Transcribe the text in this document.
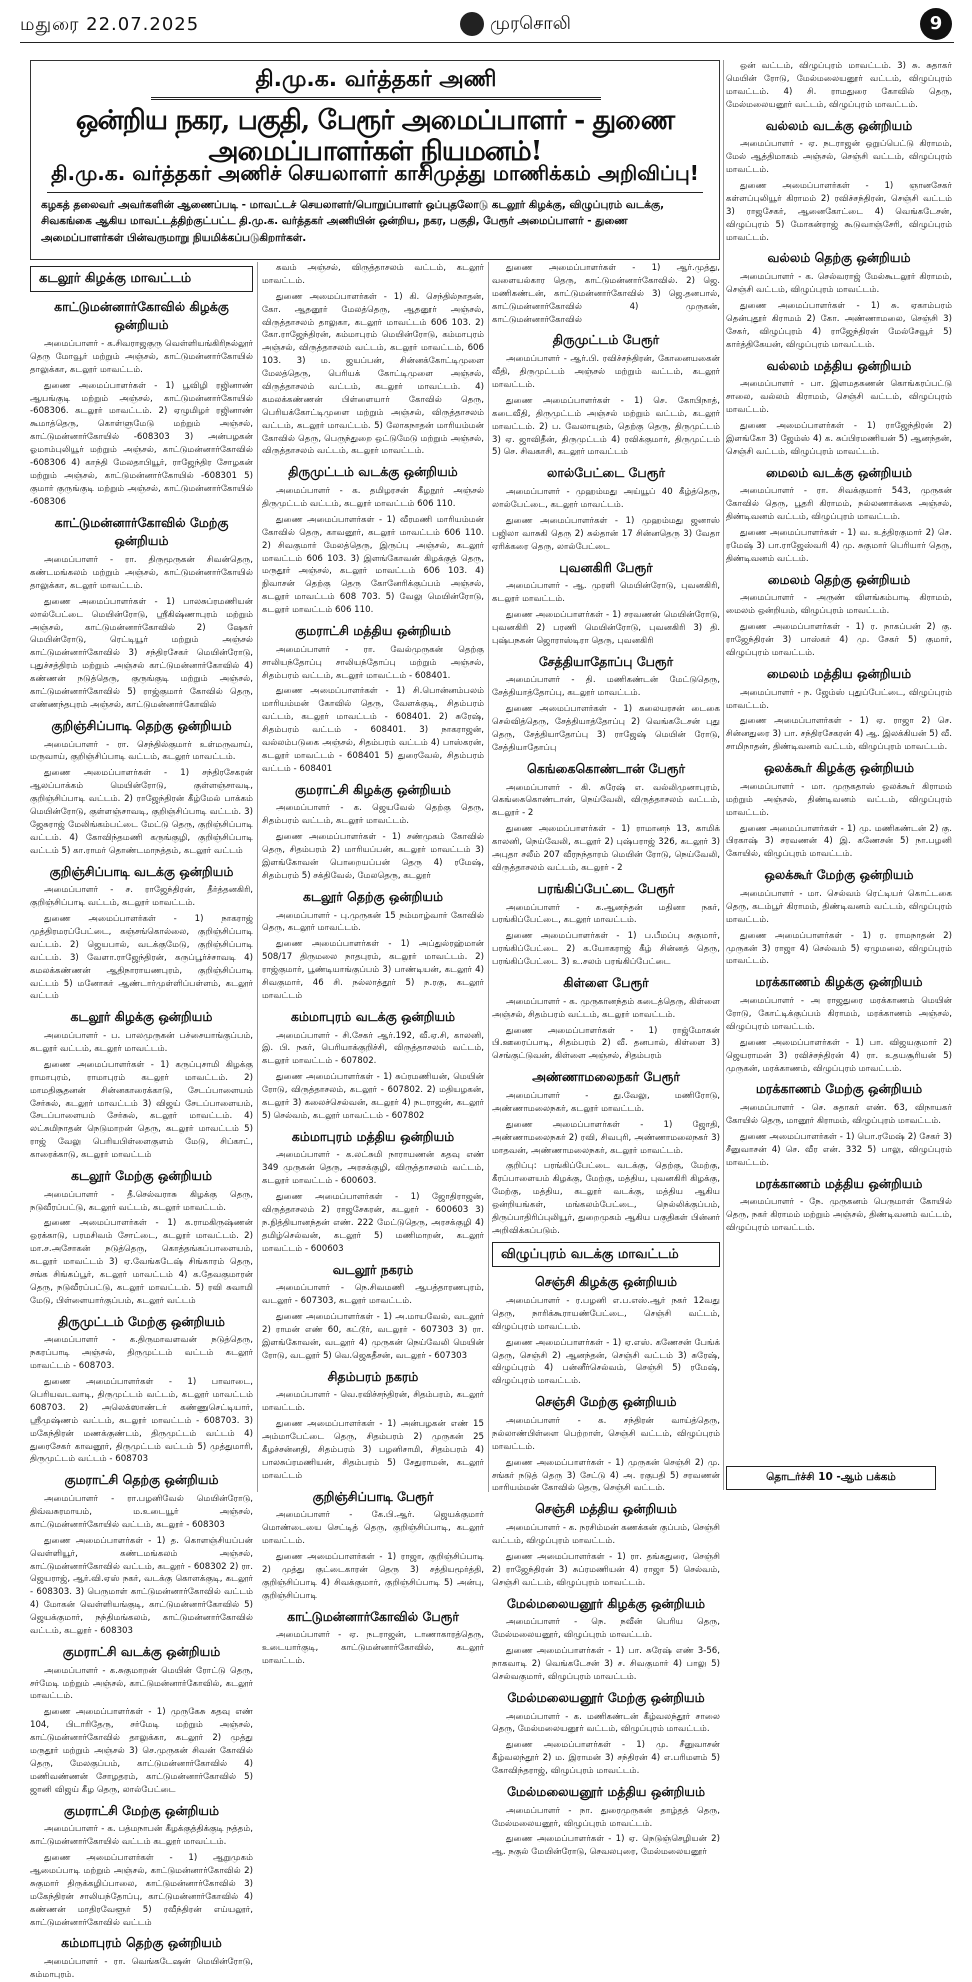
மதுரை 22.07.2025	முரசொலி	9
தி.மு.க. வர்த்தகர் அணி
ஒன்றிய நகர, பகுதி, பேரூர் அமைப்பாளர் - துணை அமைப்பாளர்கள் நியமனம்!
தி.மு.க. வர்த்தகர் அணிச் செயலாளர் காசிமுத்து மாணிக்கம் அறிவிப்பு!
கழகத் தலைவர் அவர்களின் ஆணைப்படி - மாவட்டச் செயலாளர்/பொறுப்பாளர் ஒப்புதலோடு கடலூர் கிழக்கு, விழுப்புரம் வடக்கு, சிவகங்கை ஆகிய மாவட்டத்திற்குட்பட்ட தி.மு.க. வர்த்தகர் அணியின் ஒன்றிய, நகர, பகுதி, பேரூர் அமைப்பாளர் - துணை அமைப்பாளர்கள் பின்வருமாறு நியமிக்கப்படுகிறார்கள்.
கடலூர் கிழக்கு மாவட்டம்
காட்டுமன்னார்கோவில் கிழக்கு ஒன்றியம்

அமைப்பாளர் - க.சிவராஜகுரு வெள்ளியங்கிரிநல்லூர் தெரு மோவூர் மற்றும் அஞ்சல், காட்டுமன்னார்கோயில் தாலுக்கா, கடலூர் மாவட்டம்.

துணை அமைப்பாளர்கள் - 1) பூவிழி ரஜினாண் ஆயங்குடி மற்றும் அஞ்சல், காட்டுமன்னார்கோயில் -608306. கடலூர் மாவட்டம். 2) ஏழுமிழர் ரஜினாண் கூமாத்தெரு, கொள்ளுமேடு மற்றும் அஞ்சல், காட்டுமன்னார்கோயில் -608303 3) அன்பழகன் ஓமாம்புலியூர் மற்றும் அஞ்சல், காட்டுமன்னார்கோவில் -608306 4) காந்தி மேலதாபியூர், ராஜேந்திர சோழகன் மற்றும் அஞ்சல், காட்டுமன்னார்கோயில் -608301 5) குமார் குருங்குடி மற்றும் அஞ்சல், காட்டுமன்னார்கோயில் -608306

காட்டுமன்னார்கோவில் மேற்கு ஒன்றியம்

அமைப்பாளர் - ரா. திருமூருகன் சிவன்தெரு, கண்டமங்கலம் மற்றும் அஞ்சல், காட்டுமன்னார்கோயில் தாலுக்கா, கடலூர் மாவட்டம்.

துணை அமைப்பாளர்கள் - 1) பாலசுப்ரமணியன் லால்பேட்டை மெயின்ரோடு, ஸ்ரீகிஷ்ணாபுரம் மற்றும் அஞ்சல், காட்டுமன்னார்கோவில் 2) ஷேகர் மெயின்ரோடு, ரெட்டியூர் மற்றும் அஞ்சல் காட்டுமன்னார்கோவில் 3) சந்திரசேகர் மெயின்ரோடு, புதுச்சத்திரம் மற்றும் அஞ்சல் காட்டுமன்னார்கோவில் 4) கண்ணன் நடுத்தெரு, குருங்குடி மற்றும் அஞ்சல், காட்டுமன்னார்கோவில் 5) ராஜ்குமார் கோவில் தெரு, எண்ணந்தபுரம் அஞ்சல், காட்டுமன்னார்கோவில்

குறிஞ்சிப்பாடி தெற்கு ஒன்றியம்

அமைப்பாளர் - ரா. செந்தில்குமார் உள்மருவாய், மருவாய், குறிஞ்சிப்பாடி வட்டம், கடலூர் மாவட்டம்.

துணை அமைப்பாளர்கள் - 1) சந்திரசேகரன் ஆலப்பாக்கம் மெயின்ரோடு, குள்ளஞ்சாவடி, குறிஞ்சிப்பாடி வட்டம். 2) ராஜேந்திரன் கீழ்மேல் பாக்கம் மெயின்ரோடு, குள்ளஞ்சாவடி, குறிஞ்சிப்பாடி வட்டம். 3) ஜேசுராஜ் மேலிங்கம்பட்டை மேட்டு தெரு, குறிஞ்சிப்பாடி வட்டம். 4) கோவிந்தமணி கருங்குழி, குறிஞ்சிப்பாடி வட்டம் 5) கா.ராமர் தொண்டமாநத்தம், கடலூர் வட்டம்

குறிஞ்சிப்பாடி வடக்கு ஒன்றியம்

அமைப்பாளர் - ச. ராஜேந்திரன், தீர்த்தனகிரி, குறிஞ்சிப்பாடி வட்டம், கடலூர் மாவட்டம்.

துணை அமைப்பாளர்கள் - 1) நாகராஜ் முத்திரமரப்பேட்டை, கஞ்சங்கொல்லை, குறிஞ்சிப்பாடி வட்டம். 2) ஜெயபால், வடக்குமேடு, குறிஞ்சிப்பாடி வட்டம். 3) வேளா.ராஜேந்திரன், கருப்பூர்ச்சாவடி 4) கமலக்கண்ணன் ஆதிநாராயணபுரம், குறிஞ்சிப்பாடி வட்டம் 5) மனோகர் ஆண்டார்முள்ளிப்பள்ளம், கடலூர் வட்டம்

கடலூர் கிழக்கு ஒன்றியம்

அமைப்பாளர் - ப. பாலமுருகன் பச்சையாங்குப்பம், கடலூர் வட்டம், கடலூர் மாவட்டம்.

துணை அமைப்பாளர்கள் - 1) கருப்புசாமி கிழக்கு ராமாபுரம், ராமாபுரம் கடலூர் மாவட்டம். 2) மாமதிசூதனன் சின்னகாரைக்காடு, சேடப்பாளையம் சேர்சுல், கடலூர் மாவட்டம் 3) விஜய் சேடப்பாளையம், சேடப்பாளையம் சேர்சுல், கடலூர் மாவட்டம். 4) லட்சுமிநாதன் நெடுமாறன் தெரு, கடலூர் மாவட்டம் 5) ராஜ் வேலு பெரியபிள்ளைகுளம் மேடு, சிப்காட், காரைக்காடு, கடலூர் மாவட்டம்

கடலூர் மேற்கு ஒன்றியம்

அமைப்பாளர் - தீ.செல்வராசு கிழக்கு தெரு, நடுவீரப்பட்டு, கடலூர் வட்டம், கடலூர் மாவட்டம்.

துணை அமைப்பாளர்கள் - 1) க.ராமகிருஷ்ணன் ஒரக்காடு, பரமசிவம் சோட்டை, கடலூர் மாவட்டம். 2) மா.ச.அசோகன் நடுத்தெரு, கொத்தங்கப்பாளையம், கடலூர் மாவட்டம் 3) ஏ.வேங்கடேஷ் சிங்காரம் தெரு, சங்க சிங்கப்பூர், கடலூர் மாவட்டம் 4) க.தேவகுமாரன் தெரு, நடுவீரப்பட்டு, கடலூர் மாவட்டம். 5) ரவி சுவாமி மேடு, பிள்ளையார்குப்பம், கடலூர் வட்டம்

திருமுட்டம் மேற்கு ஒன்றியம்

அமைப்பாளர் - க.திருமாவளவன் நடுத்தெரு, நகரப்பாடி அஞ்சல், திருமுட்டம் வட்டம் கடலூர் மாவட்டம் - 608703.

துணை அமைப்பாளர்கள் - 1) பாவாடை, பெரியவடவாடி, திருமுட்டம் வட்டம், கடலூர் மாவட்டம் 608703. 2) அலெக்ஸாண்டர் கண்ணுசெட்டியார், ஸ்ரீமுஷ்ணம் வட்டம், கடலூர் மாவட்டம் - 608703. 3) மகேந்திரன் மணக்குண்டம், திருமுட்டம் வட்டம் 4) துரைசேகர் காவனூர், திருமுட்டம் வட்டம் 5) முத்துமாரி, திருமுட்டம் வட்டம் - 608703

குமராட்சி தெற்கு ஒன்றியம்

அமைப்பாளர் - ரா.பழனிவேல் மெயின்ரோடு, திவ்வசுரமாயம், ம.உடையூர் அஞ்சல், காட்டுமன்னார்கோயில் வட்டம், கடலூர் - 608303

துணை அமைப்பாளர்கள் - 1) த. கொளஞ்சியப்பன் வெள்ளியூர், கண்டமங்கலம் அஞ்சல், காட்டுமன்னார்கோவில் வட்டம், கடலூர் - 608302 2) ரா. ஜெயராஜ், ஆர்.வி.ஏஸ் நகர், வடக்கு கொளக்குடி, கடலூர் - 608303. 3) பெருமாள் காட்டுமன்னார்கோவில் வட்டம் 4) மோகன் வெள்ளியங்குடி, காட்டுமன்னார்கோவில் 5) ஜெயக்குமார், நந்திமங்கலம், காட்டுமன்னார்கோவில் வட்டம், கடலூர் - 608303

குமராட்சி வடக்கு ஒன்றியம்

அமைப்பாளர் - க.சுகுமாறன் மெயின் ரோட்டு தெரு, சர்மேடி மற்றும் அஞ்சல், காட்டுமன்னார்கோவில், கடலூர் மாவட்டம்.

துணை அமைப்பாளர்கள் - 1) முருகேசு கதவு எண் 104, பிடாரிதேரு, சர்மேடி மற்றும் அஞ்சல், காட்டுமன்னார்கோவில் தாலுக்கா, கடலூர் 2) முத்து மருதூர் மற்றும் அஞ்சல் 3) செ.முருகன் சிவன் கோவில் தெரு, மேலகுப்பம், காட்டுமன்னார்கோவில் 4) மணிவண்ணன் சோழதரம், காட்டுமன்னார்கோவில் 5) ஜானி விஜய் கீழ தெரு, லால்பேட்டை

குமராட்சி மேற்கு ஒன்றியம்

அமைப்பாளர் - க. பத்மநாபன் கீழக்குத்திக்குடி நத்தம், காட்டுமன்னார்கோயில் வட்டம் கடலூர் மாவட்டம்.

துணை அமைப்பாளர்கள் - 1) ஆறுமுகம் ஆமைப்பாடி மற்றும் அஞ்சல், காட்டுமன்னார்கோவில் 2) சுகுமார் திருக்கழிப்பாலை, காட்டுமன்னார்கோவில் 3) மகேந்திரன் சாலியந்தோப்பு, காட்டுமன்னார்கோவில் 4) கண்ணன் மாதிரவேளூர் 5) ரவீந்திரன் எய்யலூர், காட்டுமன்னார்கோவில் வட்டம்

கம்மாபுரம் தெற்கு ஒன்றியம்

அமைப்பாளர் - ரா. வெங்கடேஷன் மெயின்ரோடு, கம்மாபுரம்.

கவம் அஞ்சல், விருத்தாசலம் வட்டம், கடலூர் மாவட்டம்.

துணை அமைப்பாளர்கள் - 1) கி. செந்தில்நாதன், கோ. ஆதனூர் மேலத்தெரு, ஆதனூர் அஞ்சல், விருத்தாசலம் தாலுகா, கடலூர் மாவட்டம் 606 103. 2) கோ.ராஜேந்திரன், கம்மாபுரம் மெயின்ரோடு, கம்மாபுரம் அஞ்சல், விருத்தாசலம் வட்டம், கடலூர் மாவட்டம், 606 103. 3) ம. ஜயப்பன், சின்னக்கோட்டிமுளை மேலத்தெரு, பெரியக் கோட்டிமுளை அஞ்சல், விருத்தாசலம் வட்டம், கடலூர் மாவட்டம். 4) கமலக்கண்ணன் பிள்ளையார் கோவில் தெரு, பெரியக்கோட்டிமுளை மற்றும் அஞ்சல், விருத்தாசலம் வட்டம், கடலூர் மாவட்டம். 5) லோகநாதன் மாரியம்மன் கோவில் தெரு, பெருந்துறை ஒட்டுமேடு மற்றும் அஞ்சல், விருத்தாசலம் வட்டம், கடலூர் மாவட்டம்.

திருமுட்டம் வடக்கு ஒன்றியம்

அமைப்பாளர் - க. தமிழரசன் கீழநூர் அஞ்சல் திருமுட்டம் வட்டம், கடலூர் மாவட்டம் 606 110.

துணை அமைப்பாளர்கள் - 1) வீரமணி மாரியம்மன் கோவில் தெரு, காவனூர், கடலூர் மாவட்டம் 606 110. 2) சிவகுமார் மேலத்தெரு, இருப்பு அஞ்சல், கடலூர் மாவட்டம் 606 103. 3) இளங்கோவன் கிழக்குத் தெரு, மருதூர் அஞ்சல், கடலூர் மாவட்டம் 606 103. 4) நிவாசன் தெற்கு தெரு கோனேரிக்குப்பம் அஞ்சல், கடலூர் மாவட்டம் 608 703. 5) வேலு மெயின்ரோடு, கடலூர் மாவட்டம் 606 110.

குமராட்சி மத்திய ஒன்றியம்

அமைப்பாளர் - ரா. வேல்முருகன் தெற்கு சாலியந்தோப்பு சாலியந்தோப்பு மற்றும் அஞ்சல், சிதம்பரம் வட்டம், கடலூர் மாவட்டம் - 608401.

துணை அமைப்பாளர்கள் - 1) சி.பொன்னம்பலம் மாரியம்மன் கோவில் தெரு, வேளக்குடி, சிதம்பரம் வட்டம், கடலூர் மாவட்டம் - 608401. 2) சுரேஷ், சிதம்பரம் வட்டம் - 608401. 3) நாகராஜன், வல்லம்படுகை அஞ்சல், சிதம்பரம் வட்டம் 4) பாஸ்கரன், கடலூர் மாவட்டம் - 608401 5) துரைவேல், சிதம்பரம் வட்டம் - 608401

குமராட்சி கிழக்கு ஒன்றியம்

அமைப்பாளர் - க. ஜெயவேல் தெற்கு தெரு, சிதம்பரம் வட்டம், கடலூர் மாவட்டம்.

துணை அமைப்பாளர்கள் - 1) சண்முகம் கோவில் தெரு, சிதம்பரம் 2) மாரியப்பன், கடலூர் மாவட்டம் 3) இளங்கோவன் பொறையப்பன் தெரு 4) ரமேஷ், சிதம்பரம் 5) சக்திவேல், மேலதெரு, கடலூர்

கடலூர் தெற்கு ஒன்றியம்

அமைப்பாளர் - பு.முருகன் 15 நம்மாழ்வார் கோவில் தெரு, கடலூர் மாவட்டம்.

துணை அமைப்பாளர்கள் - 1) அப்துல்ரஹ்மான் 508/17 திருமலை நாதபுரம், கடலூர் மாவட்டம். 2) ராஜ்குமார், பூண்டியாங்குப்பம் 3) பாண்டியன், கடலூர் 4) சிவகுமார், 46 சி. நல்லாத்தூர் 5) ந.ரகு, கடலூர் மாவட்டம்

கம்மாபுரம் வடக்கு ஒன்றியம்

அமைப்பாளர் - சி.சேகர் ஆர்.192, வீ.ஏ.சி, காலனி, இ. பி. நகர், பெரியாக்குறிச்சி, விருத்தாசலம் வட்டம், கடலூர் மாவட்டம் - 607802.

துணை அமைப்பாளர்கள் - 1) சுப்ரமணியன், மெயின் ரோடு, விருத்தாசலம், கடலூர் - 607802. 2) மதியழகன், கடலூர் 3) கலைச்செல்வன், கடலூர் 4) நடராஜன், கடலூர் 5) செல்வம், கடலூர் மாவட்டம் - 607802

கம்மாபுரம் மத்திய ஒன்றியம்

அமைப்பாளர் - க.லட்சுமி நாராயணன் கதவு எண் 349 முருகன் தெரு, அரசக்குழி, விருத்தாசலம் வட்டம், கடலூர் மாவட்டம் - 600603.

துணை அமைப்பாளர்கள் - 1) ஜோதிராஜன், விருத்தாசலம் 2) ராஜசேகரன், கடலூர் - 600603 3) ந.நித்தியானந்தன் எண். 222 மேட்டுதெரு, அரசக்குழி 4) தமிழ்செல்வன், கடலூர் 5) மணிமாறன், கடலூர் மாவட்டம் - 600603

வடலூர் நகரம்

அமைப்பாளர் - நெ.சிவமணி ஆபத்தாரணபுரம், வடலூர் - 607303, கடலூர் மாவட்டம்.

துணை அமைப்பாளர்கள் - 1) அ.மாயவேல், வடலூர் 2) ராமன் எண் 60, கட்டூர், வடலூர் - 607303 3) ரா. இளங்கோவன், வடலூர் 4) முருகன் நெய்வேலி மெயின் ரோடு, வடலூர் 5) வெ.ஜெகதீசன், வடலூர் - 607303

சிதம்பரம் நகரம்

அமைப்பாளர் - வெ.ரவிச்சந்திரன், சிதம்பரம், கடலூர் மாவட்டம்.

துணை அமைப்பாளர்கள் - 1) அன்பழகன் எண் 15 அம்மாபேட்டை தெரு, சிதம்பரம் 2) முருகன் 25 கீழச்சன்னதி, சிதம்பரம் 3) பழனிசாமி, சிதம்பரம் 4) பாலசுப்ரமணியன், சிதம்பரம் 5) சேதுராமன், கடலூர் மாவட்டம்

குறிஞ்சிப்பாடி பேரூர்

அமைப்பாளர் - கே.பி.ஆர். ஜெயக்குமார் மொண்டையை செட்டித் தெரு, குறிஞ்சிப்பாடி, கடலூர் மாவட்டம்.

துணை அமைப்பாளர்கள் - 1) ராஜா, குறிஞ்சிப்பாடி 2) முத்து குட்டைகாரன் தெரு 3) சத்தியமூர்த்தி, குறிஞ்சிப்பாடி 4) சிவக்குமார், குறிஞ்சிப்பாடி 5) அன்பு, குறிஞ்சிப்பாடி

காட்டுமன்னார்கோவில் பேரூர்

அமைப்பாளர் - ஏ. நடராஜன், டாணாகாரத்தெரு, உடையார்குடி, காட்டுமன்னார்கோவில், கடலூர் மாவட்டம்.

துணை அமைப்பாளர்கள் - 1) ஆர்.முத்து, வளையல்கார தெரு, காட்டுமன்னார்கோவில். 2) ஜெ. மணிகண்டன், காட்டுமன்னார்கோவில் 3) ஜெ.தனபால், காட்டுமன்னார்கோவில் 4) முருகன், காட்டுமன்னார்கோவில்

திருமுட்டம் பேரூர்

அமைப்பாளர் - ஆர்.பி. ரவிச்சந்திரன், கோனையகைன் வீதி, திருமுட்டம் அஞ்சல் மற்றும் வட்டம், கடலூர் மாவட்டம்.

துணை அமைப்பாளர்கள் - 1) செ. கோபிநாத், கடைவீதி, திருமுட்டம் அஞ்சல் மற்றும் வட்டம், கடலூர் மாவட்டம். 2) ப. வேலாயுதம், தெற்கு தெரு, திருமுட்டம் 3) ஏ. ஜாவிதீன், திருமுட்டம் 4) ரவிக்குமார், திருமுட்டம் 5) செ. சிவகாசி, கடலூர் மாவட்டம்

லால்பேட்டை பேரூர்

அமைப்பாளர் - முஹம்மது அய்யூப் 40 கீழ்த்தெரு, லால்பேட்டை, கடலூர் மாவட்டம்.

துணை அமைப்பாளர்கள் - 1) முஹம்மது ஜனாஸ் பஜிலா வாசுகி தெரு 2) சுல்தான் 17 சின்னதெரு 3) வேதா ஏரிக்கரை தெரு, லால்பேட்டை

புவனகிரி பேரூர்

அமைப்பாளர் - ஆ. முரளி மெயின்ரோடு, புவனகிரி, கடலூர் மாவட்டம்.

துணை அமைப்பாளர்கள் - 1) சரவணன் மெயின்ரோடு, புவனகிரி 2) பரணி மெயின்ரோடு, புவனகிரி 3) தி. புஷ்பநகன் ஜொராஸ்டிரா தெரு, புவனகிரி

சேத்தியாதோப்பு பேரூர்

அமைப்பாளர் - தி. மணிகண்டன் மேட்டுதெரு, சேத்தியாத்தோப்பு, கடலூர் மாவட்டம்.

துணை அமைப்பாளர்கள் - 1) கலையரசன் டைகை செல்வித்தெரு, சேத்தியாத்தோப்பு 2) வெங்கடேசன் புது தெரு, சேத்தியாதோப்பு 3) ராஜேஷ் மெயின் ரோடு, சேத்தியாதோப்பு

கெங்கைகொண்டான் பேரூர்

அமைப்பாளர் - கி. சுரேஷ் எ. வல்லிமுனாபுரம், கெங்கைகொண்டான், நெய்வேலி, விருத்தாசலம் வட்டம், கடலூர் - 2

துணை அமைப்பாளர்கள் - 1) ராமானந் 13, காமிக் காலனி, நெய்வேலி, கடலூர் 2) புஷ்பராஜ் 326, கடலூர் 3) அபுதா சலீம் 207 வீரநந்தாரம் மெயின் ரோடு, நெய்வேலி, விருத்தாசலம் வட்டம், கடலூர் - 2

பரங்கிப்பேட்டை பேரூர்

அமைப்பாளர் - க.ஆனந்தன் மதினா நகர், பரங்கிப்பேட்டை, கடலூர் மாவட்டம்.

துணை அமைப்பாளர்கள் - 1) ப.பீமப்பு சுகுமார், பரங்கிப்பேட்டை 2) க.யோகராஜ் கீழ் சின்னத் தெரு, பரங்கிப்பேட்டை 3) உ.சலம் பரங்கிப்பேட்டை

கிள்ளை பேரூர்

அமைப்பாளர் - க. முருகானந்தம் கடைத்தெரு, கிள்ளை அஞ்சல், சிதம்பரம் வட்டம், கடலூர் மாவட்டம்.

துணை அமைப்பாளர்கள் - 1) ராஜ்மோகன் பி.ஊரைப்பாடி, சிதம்பரம் 2) வீ. தனபால், கிள்ளை 3) செங்குட்டுவன், கிள்ளை அஞ்சல், சிதம்பரம்

அண்ணாமலைநகர் பேரூர்

அமைப்பாளர் - து.வேலு, மணிரோடு, அண்ணாமலைநகர், கடலூர் மாவட்டம்.

துணை அமைப்பாளர்கள் - 1) ஜோதி, அண்ணாமலைநகர் 2) ரவி, சிவபுரி, அண்ணாமலைநகர் 3) மாதவன், அண்ணாமலைநகர், கடலூர் மாவட்டம்.

குறிப்பு: பரங்கிப்பேட்டை வடக்கு, தெற்கு, மேற்கு, கீரப்பாளையம் கிழக்கு, மேற்கு, மத்திய, புவனகிரி கிழக்கு, மேற்கு, மத்திய, கடலூர் வடக்கு, மத்திய ஆகிய ஒன்றியங்கள், மங்கலம்பேட்டை, நெல்லிக்குப்பம், திருப்பாதிரிப்புலியூர், துறைமுகம் ஆகிய பகுதிகள் பின்னர் அறிவிக்கப்படும்.

விழுப்புரம் வடக்கு மாவட்டம்
செஞ்சி கிழக்கு ஒன்றியம்

அமைப்பாளர் - ர.பழனி எ.ப.எஸ்.ஆர் நகர் 12வது தெரு, நாரிக்கூராயண்பேட்டை, செஞ்சி வட்டம், விழுப்புரம் மாவட்டம்.

துணை அமைப்பாளர்கள் - 1) ஏ.எஸ். கணேசன் பேங்க் தெரு, செஞ்சி 2) ஆனந்தன், செஞ்சி வட்டம் 3) சுரேஷ், விழுப்புரம் 4) பன்னீர்செல்வம், செஞ்சி 5) ரமேஷ், விழுப்புரம் மாவட்டம்.

செஞ்சி மேற்கு ஒன்றியம்

அமைப்பாளர் - க. சந்திரன் வாய்த்தெரு, நல்லாண்பிள்ளை பெற்றாள், செஞ்சி வட்டம், விழுப்புரம் மாவட்டம்.

துணை அமைப்பாளர்கள் - 1) முருகன் செஞ்சி 2) மு. சங்கர் நடுத் தெரு 3) சேட்டு 4) அ. ரகுபதி 5) சரவணன் மாரியம்மன் கோவில் தெரு, செஞ்சி வட்டம்.

செஞ்சி மத்திய ஒன்றியம்

அமைப்பாளர் - க. நரசிம்மன் கணக்கன் குப்பம், செஞ்சி வட்டம், விழுப்புரம் மாவட்டம்.

துணை அமைப்பாளர்கள் - 1) ரா. தங்கதுரை, செஞ்சி 2) ராஜேந்திரன் 3) சுப்ரமணியன் 4) ராஜா 5) செல்வம், செஞ்சி வட்டம், விழுப்புரம் மாவட்டம்.

மேல்மலையனூர் கிழக்கு ஒன்றியம்

அமைப்பாளர் - நெ. நவீன் பெரிய தெரு, மேல்மலையனூர், விழுப்புரம் மாவட்டம்.

துணை அமைப்பாளர்கள் - 1) பா. சுரேஷ் எண் 3-56, நாகவாடி 2) வெங்கடேசன் 3) ச. சிவகுமார் 4) பாலு 5) செல்வகுமார், விழுப்புரம் மாவட்டம்.

மேல்மலையனூர் மேற்கு ஒன்றியம்

அமைப்பாளர் - க. மணிகண்டன் கீழ்வலந்தூர் சாலை தெரு, மேல்மலையனூர் வட்டம், விழுப்புரம் மாவட்டம்.

துணை அமைப்பாளர்கள் - 1) மு. சீனுவாசன் கீழ்வலந்தூர் 2) ம. இராமன் 3) சந்திரன் 4) எ.பரிமளம் 5) கோவிந்தராஜ், விழுப்புரம் மாவட்டம்.

மேல்மலையனூர் மத்திய ஒன்றியம்

அமைப்பாளர் - நா. துரைமுருகன் தாழ்தத் தெரு, மேல்மலையனூர், விழுப்புரம் மாவட்டம்.

துணை அமைப்பாளர்கள் - 1) ஏ. நெடுஞ்செழியன் 2) ஆ. நகுல் மேயின்ரோடு, செவலபுரை, மேல்மலையனூர்

ஒன் வட்டம், விழுப்புரம் மாவட்டம். 3) சு. சுதாகர் மெயின் ரோடு, மேல்மலையனூர் வட்டம், விழுப்புரம் மாவட்டம். 4) சி. ராமதுரை கோவில் தெரு, மேல்மலையனூர் வட்டம், விழுப்புரம் மாவட்டம்.

வல்லம் வடக்கு ஒன்றியம்

அமைப்பாளர் - ஏ. நடராஜன் ஒறுப்பெட்டு கிராமம், மேல் ஆத்திமாகம் அஞ்சல், செஞ்சி வட்டம், விழுப்புரம் மாவட்டம்.

துணை அமைப்பாளர்கள் - 1) ஞானசேகர் கள்ளப்புலியூர் கிராமம் 2) ரவிச்சந்திரன், செஞ்சி வட்டம் 3) ராஜசேகர், ஆனைகோட்டை 4) வெங்கடேசன், விழுப்புரம் 5) மோகன்ராஜ் கூடுவாஞ்சேரி, விழுப்புரம் மாவட்டம்.

வல்லம் தெற்கு ஒன்றியம்

அமைப்பாளர் - க. செல்வராஜ் மேல்கூடலூர் கிராமம், செஞ்சி வட்டம், விழுப்புரம் மாவட்டம்.

துணை அமைப்பாளர்கள் - 1) சு. ஏகாம்பரம் தென்புதூர் கிராமம் 2) கோ. அண்ணாமலை, செஞ்சி 3) சேகர், விழுப்புரம் 4) ராஜேந்திரன் மேல்சேவூர் 5) கார்த்திகேயன், விழுப்புரம் மாவட்டம்.

வல்லம் மத்திய ஒன்றியம்

அமைப்பாளர் - பா. இளமதகணன் கொங்கரப்பட்டு சாலை, வல்லம் கிராமம், செஞ்சி வட்டம், விழுப்புரம் மாவட்டம்.

துணை அமைப்பாளர்கள் - 1) ராஜேந்திரன் 2) இளங்கோ 3) ஜேம்ஸ் 4) க. சுப்பிரமணியன் 5) ஆனந்தன், செஞ்சி வட்டம், விழுப்புரம் மாவட்டம்.

மைலம் வடக்கு ஒன்றியம்

அமைப்பாளர் - ரா. சிவக்குமார் 543, முருகன் கோவில் தெரு, பூதரி கிராமம், நல்லணாக்கை அஞ்சல், திண்டிவனம் வட்டம், விழுப்புரம் மாவட்டம்.

துணை அமைப்பாளர்கள் - 1) வ. உத்திரகுமார் 2) செ. ரமேஷ் 3) பா.ராஜேஸ்வரி 4) மு. சுகுமார் பெரியார் தெரு, திண்டிவனம் வட்டம்.

மைலம் தெற்கு ஒன்றியம்

அமைப்பாளர் - அருண் விளங்கம்பாடி கிராமம், மைலம் ஒன்றியம், விழுப்புரம் மாவட்டம்.

துணை அமைப்பாளர்கள் - 1) ர. நாகப்பன் 2) கு. ராஜேந்திரன் 3) பாஸ்கர் 4) மு. சேகர் 5) குமார், விழுப்புரம் மாவட்டம்.

மைலம் மத்திய ஒன்றியம்

அமைப்பாளர் - ந. ஜேம்ஸ் புதுப்பேட்டை, விழுப்புரம் மாவட்டம்.

துணை அமைப்பாளர்கள் - 1) ஏ. ராஜா 2) செ. சின்னதுரை 3) பா. சந்திரசேகரன் 4) ஆ. இலக்கியன் 5) வீ. சாமிநாதன், திண்டிவனம் வட்டம், விழுப்புரம் மாவட்டம்.

ஒலக்கூர் கிழக்கு ஒன்றியம்

அமைப்பாளர் - மா. முருகதாஸ் ஒலக்கூர் கிராமம் மற்றும் அஞ்சல், திண்டிவனம் வட்டம், விழுப்புரம் மாவட்டம்.

துணை அமைப்பாளர்கள் - 1) மு. மணிகண்டன் 2) கு. பிரகாஷ் 3) சரவணன் 4) இ. கணேசன் 5) நா.பழனி கோயில், விழுப்புரம் மாவட்டம்.

ஒலக்கூர் மேற்கு ஒன்றியம்

அமைப்பாளர் - மா. செல்வம் ரெட்டியர் கொட்டகை தெரு, கடம்பூர் கிராமம், திண்டிவனம் வட்டம், விழுப்புரம் மாவட்டம்.

துணை அமைப்பாளர்கள் - 1) ர. ராமநாதன் 2) முருகன் 3) ராஜா 4) செல்வம் 5) ஏழுமலை, விழுப்புரம் மாவட்டம்.

மரக்காணம் கிழக்கு ஒன்றியம்

அமைப்பாளர் - அ ராஜதுரை மரக்காணம் மெயின் ரோடு, கோட்டிக்குப்பம் கிராமம், மரக்காணம் அஞ்சல், விழுப்புரம் மாவட்டம்.

துணை அமைப்பாளர்கள் - 1) பா. விஜயகுமார் 2) ஜெயராமன் 3) ரவிச்சந்திரன் 4) ரா. உதயசூரியன் 5) முருகன், மரக்காணம், விழுப்புரம் மாவட்டம்.

மரக்காணம் மேற்கு ஒன்றியம்

அமைப்பாளர் - செ. சுதாகர் எண். 63, விநாயகர் கோயில் தெரு, மானூர் கிராமம், விழுப்புரம் மாவட்டம்.

துணை அமைப்பாளர்கள் - 1) பொ.ரமேஷ் 2) சேகர் 3) சீனுவாசன் 4) செ. வீர என். 332 5) பாலு, விழுப்புரம் மாவட்டம்.

மரக்காணம் மத்திய ஒன்றியம்

அமைப்பாளர் - நே. முருகனம் பெருமாள் கோயில் தெரு, நகர் கிராமம் மற்றும் அஞ்சல், திண்டிவனம் வட்டம், விழுப்புரம் மாவட்டம்.

தொடர்ச்சி 10 -ஆம் பக்கம்
